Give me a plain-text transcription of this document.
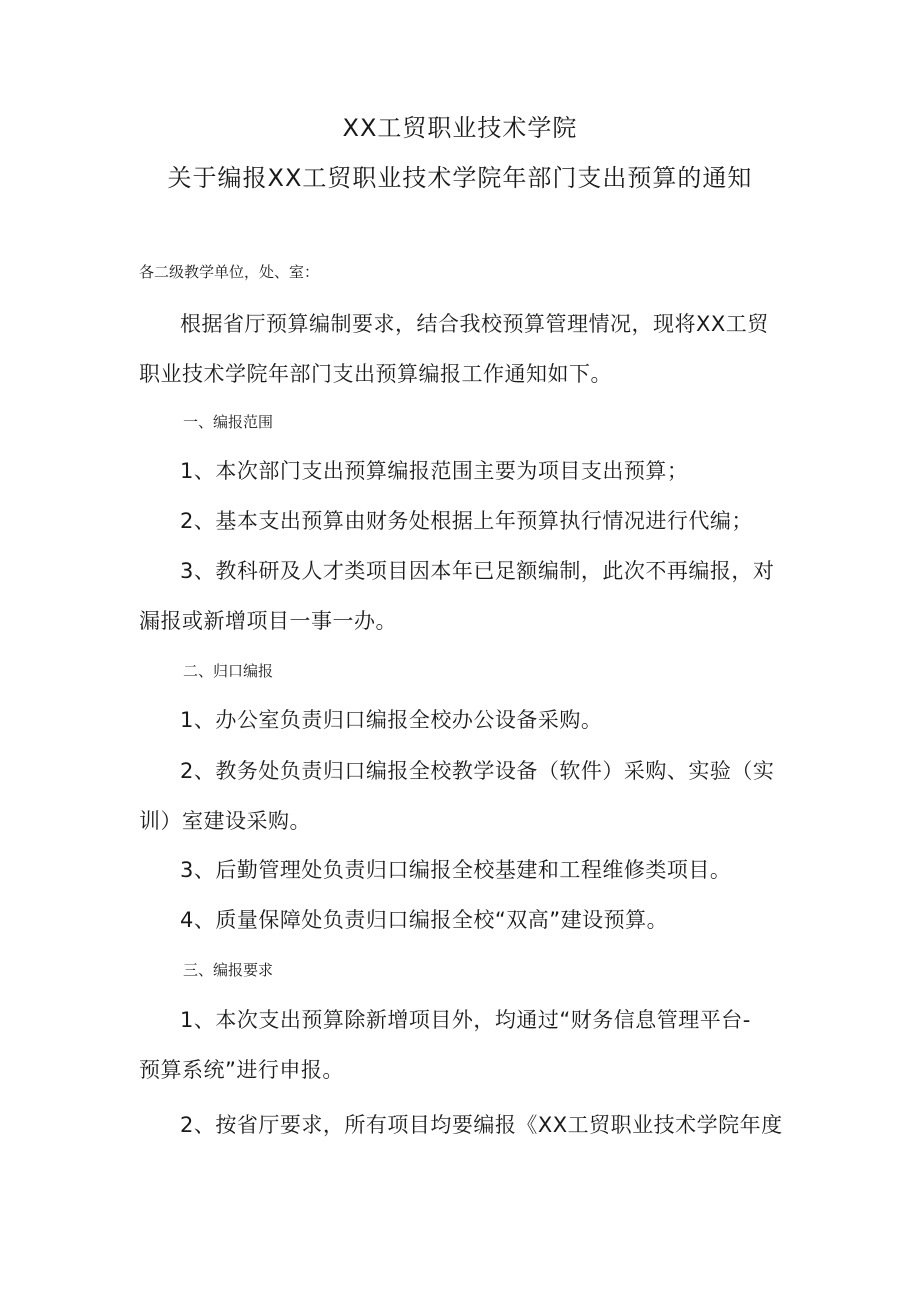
XX工贸职业技术学院
关于编报XX工贸职业技术学院年部门支出预算的通知
各二级教学单位，处、室：
根据省厅预算编制要求，结合我校预算管理情况，现将XX工贸
职业技术学院年部门支出预算编报工作通知如下。
一、编报范围
1、本次部门支出预算编报范围主要为项目支出预算；
2、基本支出预算由财务处根据上年预算执行情况进行代编；
3、教科研及人才类项目因本年已足额编制，此次不再编报，对
漏报或新增项目一事一办。
二、归口编报
1、办公室负责归口编报全校办公设备采购。
2、教务处负责归口编报全校教学设备（软件）采购、实验（实
训）室建设采购。
3、后勤管理处负责归口编报全校基建和工程维修类项目。
4、质量保障处负责归口编报全校“双高”建设预算。
三、编报要求
1、本次支出预算除新增项目外，均通过“财务信息管理平台-
预算系统”进行申报。
2、按省厅要求，所有项目均要编报《XX工贸职业技术学院年度
